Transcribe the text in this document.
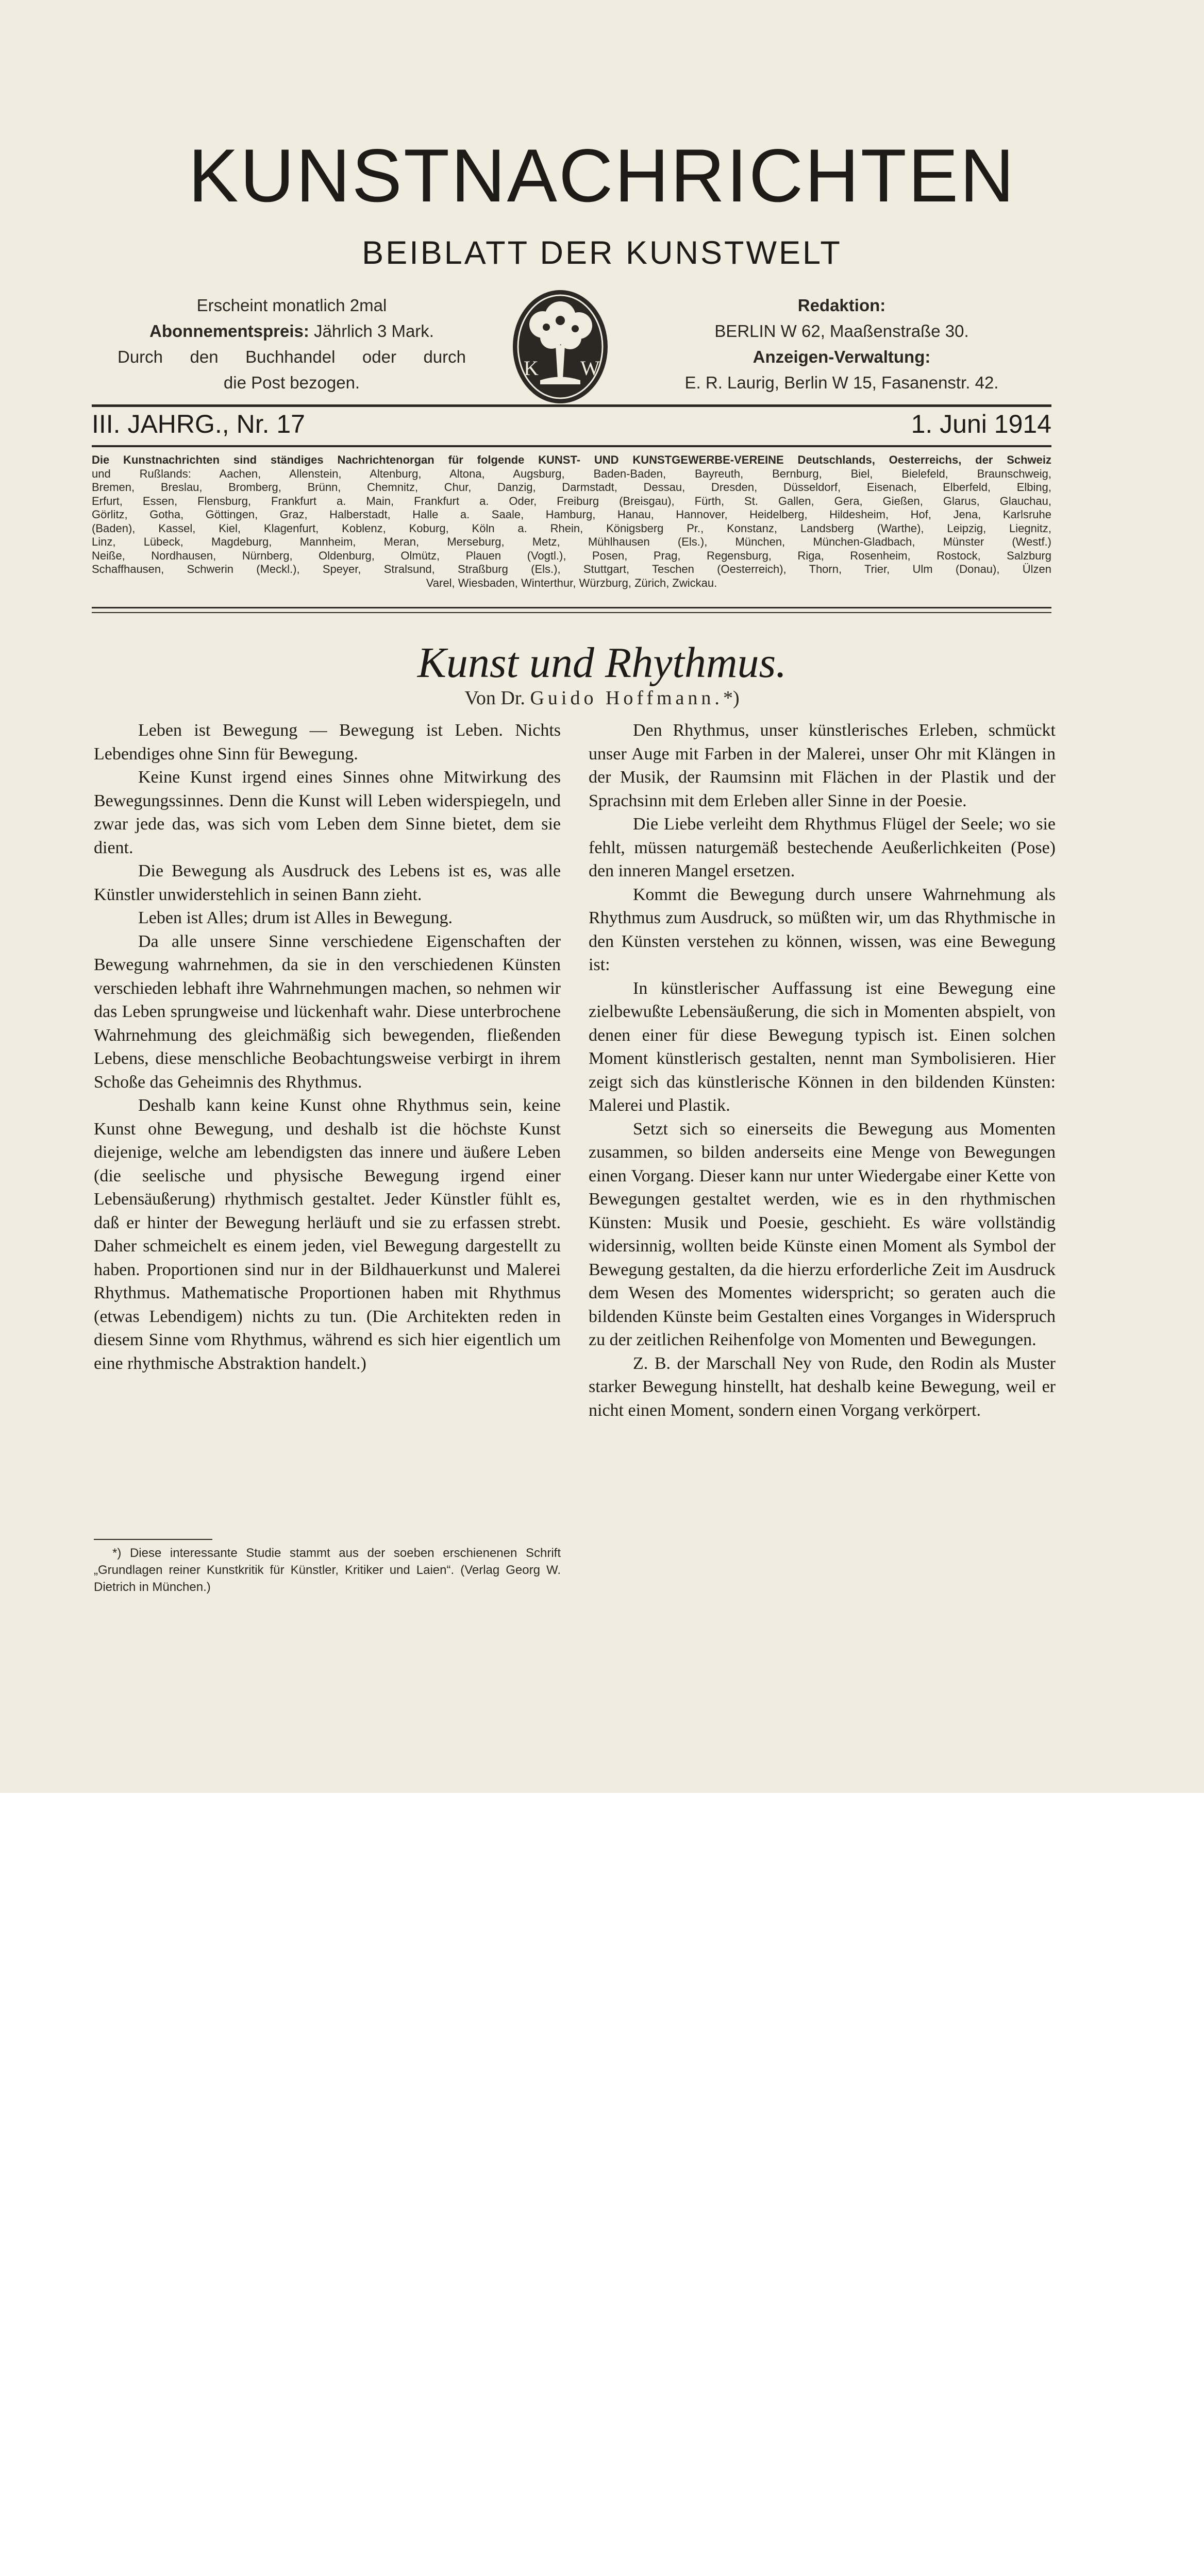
KUNSTNACHRICHTEN
BEIBLATT DER KUNSTWELT
Erscheint monatlich 2mal
Abonnementspreis: Jährlich 3 Mark.
Durch den Buchhandel oder durch
die Post bezogen.
K W
Redaktion:
BERLIN W 62, Maaßenstraße 30.
Anzeigen-Verwaltung:
E. R. Laurig, Berlin W 15, Fasanenstr. 42.
III. JAHRG., Nr. 17	1. Juni 1914
Die Kunstnachrichten sind ständiges Nachrichtenorgan für folgende KUNST- UND KUNSTGEWERBE-VEREINE Deutschlands, Oesterreichs, der Schweiz
und Rußlands: Aachen, Allenstein, Altenburg, Altona, Augsburg, Baden-Baden, Bayreuth, Bernburg, Biel, Bielefeld, Braunschweig,
Bremen, Breslau, Bromberg, Brünn, Chemnitz, Chur, Danzig, Darmstadt, Dessau, Dresden, Düsseldorf, Eisenach, Elberfeld, Elbing,
Erfurt, Essen, Flensburg, Frankfurt a. Main, Frankfurt a. Oder, Freiburg (Breisgau), Fürth, St. Gallen, Gera, Gießen, Glarus, Glauchau,
Görlitz, Gotha, Göttingen, Graz, Halberstadt, Halle a. Saale, Hamburg, Hanau, Hannover, Heidelberg, Hildesheim, Hof, Jena, Karlsruhe
(Baden), Kassel, Kiel, Klagenfurt, Koblenz, Koburg, Köln a. Rhein, Königsberg Pr., Konstanz, Landsberg (Warthe), Leipzig, Liegnitz,
Linz, Lübeck, Magdeburg, Mannheim, Meran, Merseburg, Metz, Mühlhausen (Els.), München, München-Gladbach, Münster (Westf.)
Neiße, Nordhausen, Nürnberg, Oldenburg, Olmütz, Plauen (Vogtl.), Posen, Prag, Regensburg, Riga, Rosenheim, Rostock, Salzburg
Schaffhausen, Schwerin (Meckl.), Speyer, Stralsund, Straßburg (Els.), Stuttgart, Teschen (Oesterreich), Thorn, Trier, Ulm (Donau), Ülzen
Varel, Wiesbaden, Winterthur, Würzburg, Zürich, Zwickau.
Kunst und Rhythmus.
Von Dr. Guido Hoffmann.*)

Leben ist Bewegung — Bewegung ist Leben. Nichts Lebendiges ohne Sinn für Bewegung.

Keine Kunst irgend eines Sinnes ohne Mitwirkung des Bewegungssinnes. Denn die Kunst will Leben widerspiegeln, und zwar jede das, was sich vom Leben dem Sinne bietet, dem sie dient.

Die Bewegung als Ausdruck des Lebens ist es, was alle Künstler unwiderstehlich in seinen Bann zieht.

Leben ist Alles; drum ist Alles in Bewegung.

Da alle unsere Sinne verschiedene Eigenschaften der Bewegung wahrnehmen, da sie in den verschiedenen Künsten verschieden lebhaft ihre Wahrnehmungen machen, so nehmen wir das Leben sprungweise und lückenhaft wahr. Diese unterbrochene Wahrnehmung des gleichmäßig sich bewegenden, fließenden Lebens, diese menschliche Beobachtungsweise verbirgt in ihrem Schoße das Geheimnis des Rhythmus.

Deshalb kann keine Kunst ohne Rhythmus sein, keine Kunst ohne Bewegung, und deshalb ist die höchste Kunst diejenige, welche am lebendigsten das innere und äußere Leben (die seelische und physische Bewegung irgend einer Lebensäußerung) rhythmisch gestaltet. Jeder Künstler fühlt es, daß er hinter der Bewegung herläuft und sie zu erfassen strebt. Daher schmeichelt es einem jeden, viel Bewegung dargestellt zu haben. Proportionen sind nur in der Bildhauerkunst und Malerei Rhythmus. Mathematische Proportionen haben mit Rhythmus (etwas Lebendigem) nichts zu tun. (Die Architekten reden in diesem Sinne vom Rhythmus, während es sich hier eigentlich um eine rhythmische Abstraktion handelt.)

Den Rhythmus, unser künstlerisches Erleben, schmückt unser Auge mit Farben in der Malerei, unser Ohr mit Klängen in der Musik, der Raumsinn mit Flächen in der Plastik und der Sprachsinn mit dem Erleben aller Sinne in der Poesie.

Die Liebe verleiht dem Rhythmus Flügel der Seele; wo sie fehlt, müssen naturgemäß bestechende Aeußerlichkeiten (Pose) den inneren Mangel ersetzen.

Kommt die Bewegung durch unsere Wahrnehmung als Rhythmus zum Ausdruck, so müßten wir, um das Rhythmische in den Künsten verstehen zu können, wissen, was eine Bewegung ist:

In künstlerischer Auffassung ist eine Bewegung eine zielbewußte Lebensäußerung, die sich in Momenten abspielt, von denen einer für diese Bewegung typisch ist. Einen solchen Moment künstlerisch gestalten, nennt man Symbolisieren. Hier zeigt sich das künstlerische Können in den bildenden Künsten: Malerei und Plastik.

Setzt sich so einerseits die Bewegung aus Momenten zusammen, so bilden anderseits eine Menge von Bewegungen einen Vorgang. Dieser kann nur unter Wiedergabe einer Kette von Bewegungen gestaltet werden, wie es in den rhythmischen Künsten: Musik und Poesie, geschieht. Es wäre vollständig widersinnig, wollten beide Künste einen Moment als Symbol der Bewegung gestalten, da die hierzu erforderliche Zeit im Ausdruck dem Wesen des Momentes widerspricht; so geraten auch die bildenden Künste beim Gestalten eines Vorganges in Widerspruch zu der zeitlichen Reihenfolge von Momenten und Bewegungen.

Z. B. der Marschall Ney von Rude, den Rodin als Muster starker Bewegung hinstellt, hat deshalb keine Bewegung, weil er nicht einen Moment, sondern einen Vorgang verkörpert.

*) Diese interessante Studie stammt aus der soeben erschienenen Schrift „Grundlagen reiner Kunstkritik für Künstler, Kritiker und Laien“. (Verlag Georg W. Dietrich in München.)
